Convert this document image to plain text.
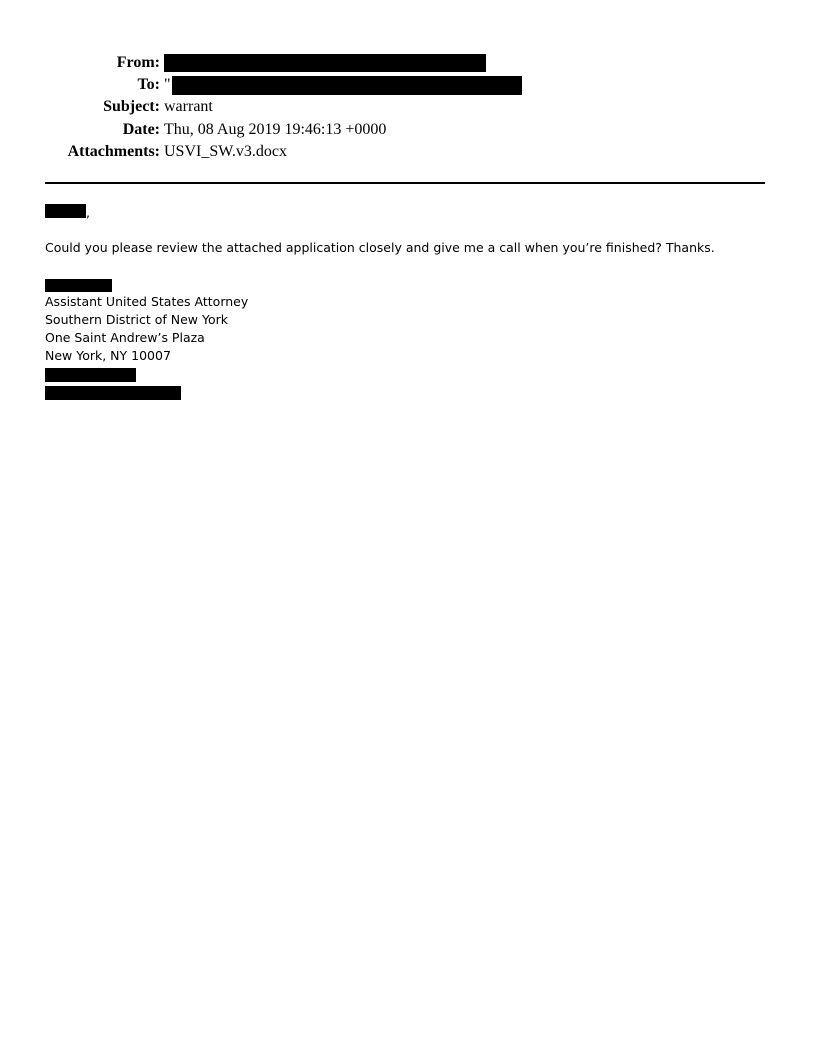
From:
To: "
Subject: warrant
Date: Thu, 08 Aug 2019 19:46:13 +0000
Attachments: USVI_SW.v3.docx
,
Could you please review the attached application closely and give me a call when you’re finished? Thanks.
Assistant United States Attorney
Southern District of New York
One Saint Andrew’s Plaza
New York, NY 10007
